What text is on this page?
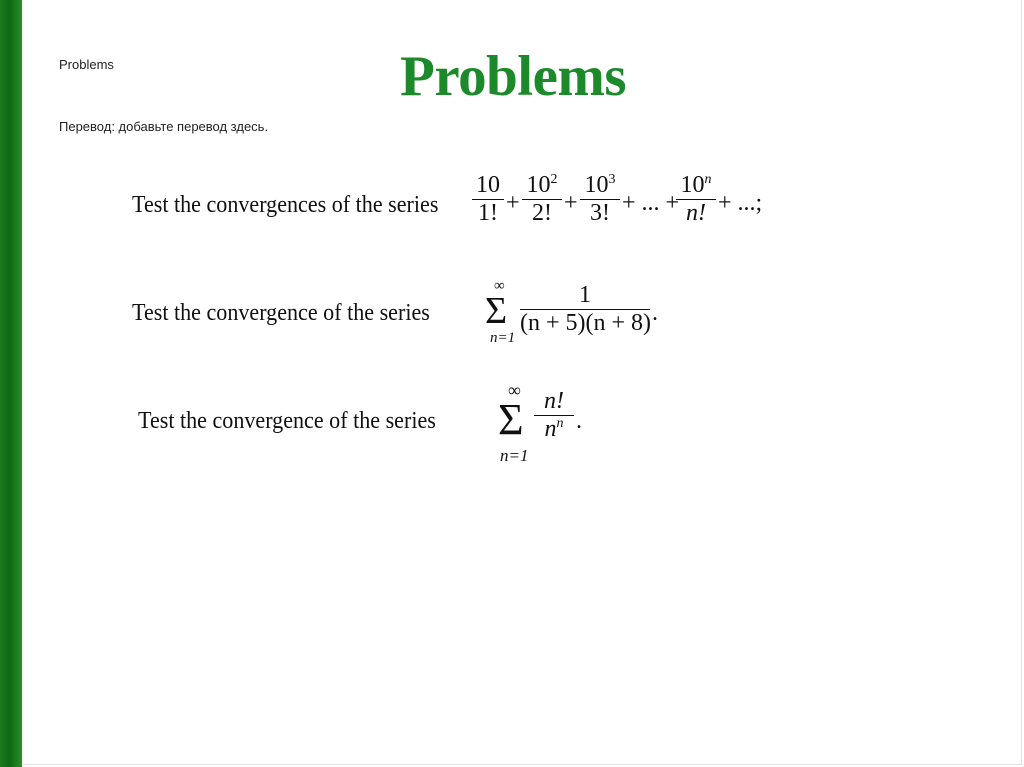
Problems
Перевод: добавьте перевод здесь.
Problems
Test the convergences of the series
10
1! +
$10^2$
2! +
$10^3$
3! + ... +
$10^n$
n! + ...;
Test the convergence of the series
∞
Σ
n=1
1
(n + 5)(n + 8) .
Test the convergence of the series
∞
Σ
n=1
n!
$n^n$ .
